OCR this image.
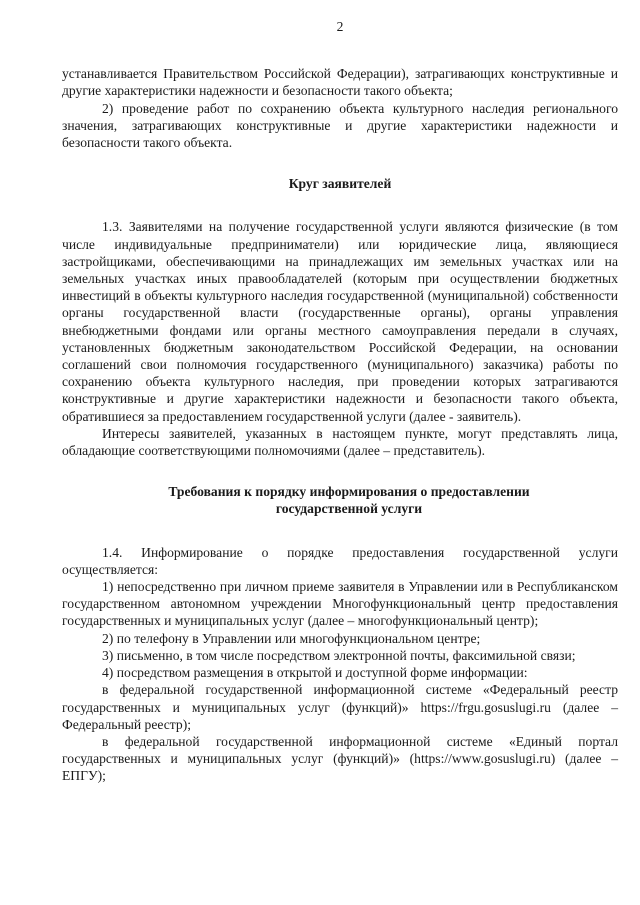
2

устанавливается Правительством Российской Федерации), затрагивающих конструктивные и другие характеристики надежности и безопасности такого объекта;

2) проведение работ по сохранению объекта культурного наследия регионального значения, затрагивающих конструктивные и другие характеристики надежности и безопасности такого объекта.

Круг заявителей

1.3. Заявителями на получение государственной услуги являются физические (в том числе индивидуальные предприниматели) или юридические лица, являющиеся застройщиками, обеспечивающими на принадлежащих им земельных участках или на земельных участках иных правообладателей (которым при осуществлении бюджетных инвестиций в объекты культурного наследия государственной (муниципальной) собственности органы государственной власти (государственные органы), органы управления внебюджетными фондами или органы местного самоуправления передали в случаях, установленных бюджетным законодательством Российской Федерации, на основании соглашений свои полномочия государственного (муниципального) заказчика) работы по сохранению объекта культурного наследия, при проведении которых затрагиваются конструктивные и другие характеристики надежности и безопасности такого объекта, обратившиеся за предоставлением государственной услуги (далее - заявитель).

Интересы заявителей, указанных в настоящем пункте, могут представлять лица, обладающие соответствующими полномочиями (далее – представитель).

Требования к порядку информирования о предоставлении государственной услуги

1.4. Информирование о порядке предоставления государственной услуги осуществляется:

1) непосредственно при личном приеме заявителя в Управлении или в Республиканском государственном автономном учреждении Многофункциональный центр предоставления государственных и муниципальных услуг (далее – многофункциональный центр);

2) по телефону в Управлении или многофункциональном центре;

3) письменно, в том числе посредством электронной почты, факсимильной связи;

4) посредством размещения в открытой и доступной форме информации:

в федеральной государственной информационной системе «Федеральный реестр государственных и муниципальных услуг (функций)» https://frgu.gosuslugi.ru (далее – Федеральный реестр);

в федеральной государственной информационной системе «Единый портал государственных и муниципальных услуг (функций)» (https://www.gosuslugi.ru) (далее – ЕПГУ);
